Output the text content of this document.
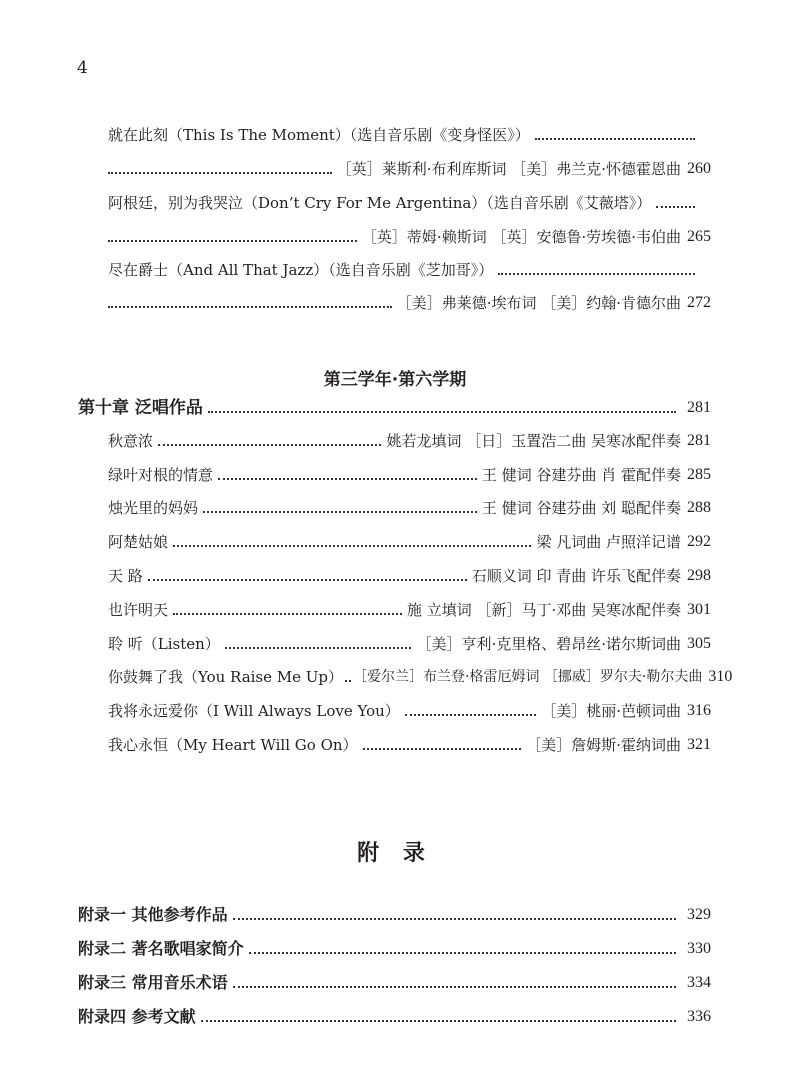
4
就在此刻（This Is The Moment）（选自音乐剧《变身怪医》）
［英］莱斯利·布利库斯词 ［美］弗兰克·怀德霍恩曲 260
阿根廷，别为我哭泣（Don’t Cry For Me Argentina）（选自音乐剧《艾薇塔》）
［英］蒂姆·赖斯词 ［英］安德鲁·劳埃德·韦伯曲 265
尽在爵士（And All That Jazz）（选自音乐剧《芝加哥》）
［美］弗莱德·埃布词 ［美］约翰·肯德尔曲 272
第三学年·第六学期
第十章 泛唱作品	281
秋意浓	姚若龙填词 ［日］玉置浩二曲 吴寒冰配伴奏 281
绿叶对根的情意	王 健词 谷建芬曲 肖 霍配伴奏 285
烛光里的妈妈	王 健词 谷建芬曲 刘 聪配伴奏 288
阿楚姑娘	梁 凡词曲 卢照洋记谱 292
天 路	石顺义词 印 青曲 许乐飞配伴奏 298
也许明天	施 立填词 ［新］马丁·邓曲 吴寒冰配伴奏 301
聆 听（Listen）	［美］亨利·克里格、碧昂丝·诺尔斯词曲 305
你鼓舞了我（You Raise Me Up） ［爱尔兰］布兰登·格雷厄姆词 ［挪威］罗尔夫·勒尔夫曲 310
我将永远爱你（I Will Always Love You）	［美］桃丽·芭顿词曲 316
我心永恒（My Heart Will Go On）	［美］詹姆斯·霍纳词曲 321
附 录
附录一 其他参考作品	329
附录二 著名歌唱家简介	330
附录三 常用音乐术语	334
附录四 参考文献	336
